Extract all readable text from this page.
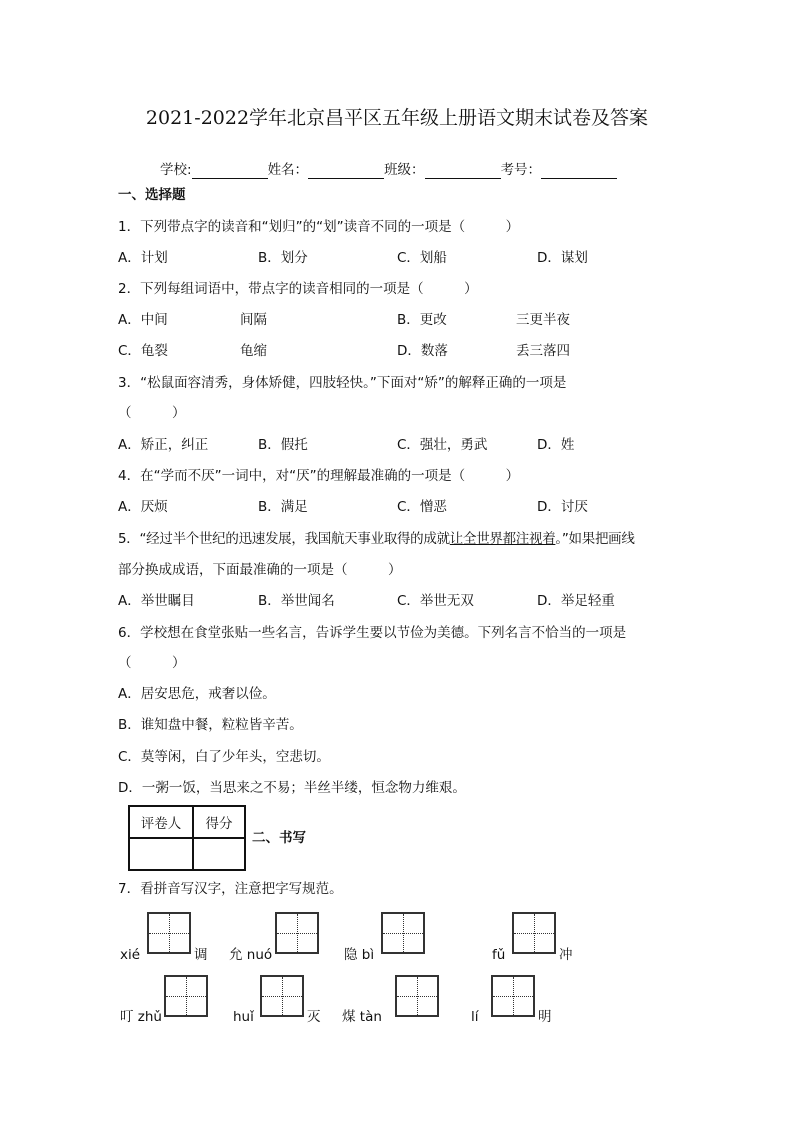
2021-2022学年北京昌平区五年级上册语文期末试卷及答案
学校:	姓名：	班级：	考号：
一、选择题
1．下列带点字的读音和“划归”的“划”读音不同的一项是（　　　）
A．计划	B．划分	C．划船	D．谋划
2．下列每组词语中，带点字的读音相同的一项是（　　　）
A．中间	间隔	B．更改	三更半夜
C．龟裂	龟缩	D．数落	丢三落四
3．“松鼠面容清秀，身体矫健，四肢轻快。”下面对“矫”的解释正确的一项是
（　　　）
A．矫正，纠正	B．假托	C．强壮，勇武	D．姓
4．在“学而不厌”一词中，对“厌”的理解最准确的一项是（　　　）
A．厌烦	B．满足	C．憎恶	D．讨厌
5．“经过半个世纪的迅速发展，我国航天事业取得的成就让全世界都注视着。”如果把画线
部分换成成语，下面最准确的一项是（　　　）
A．举世瞩目	B．举世闻名	C．举世无双	D．举足轻重
6．学校想在食堂张贴一些名言，告诉学生要以节俭为美德。下列名言不恰当的一项是
（　　　）
A．居安思危，戒奢以俭。
B．谁知盘中餐，粒粒皆辛苦。
C．莫等闲，白了少年头，空悲切。
D．一粥一饭，当思来之不易；半丝半缕，恒念物力维艰。
评卷人	得分

二、书写
7．看拼音写汉字，注意把字写规范。
xié	调 允 nuó	隐 bì	fǔ	冲
叮 zhǔ	huǐ	灭 煤 tàn	lí	明
